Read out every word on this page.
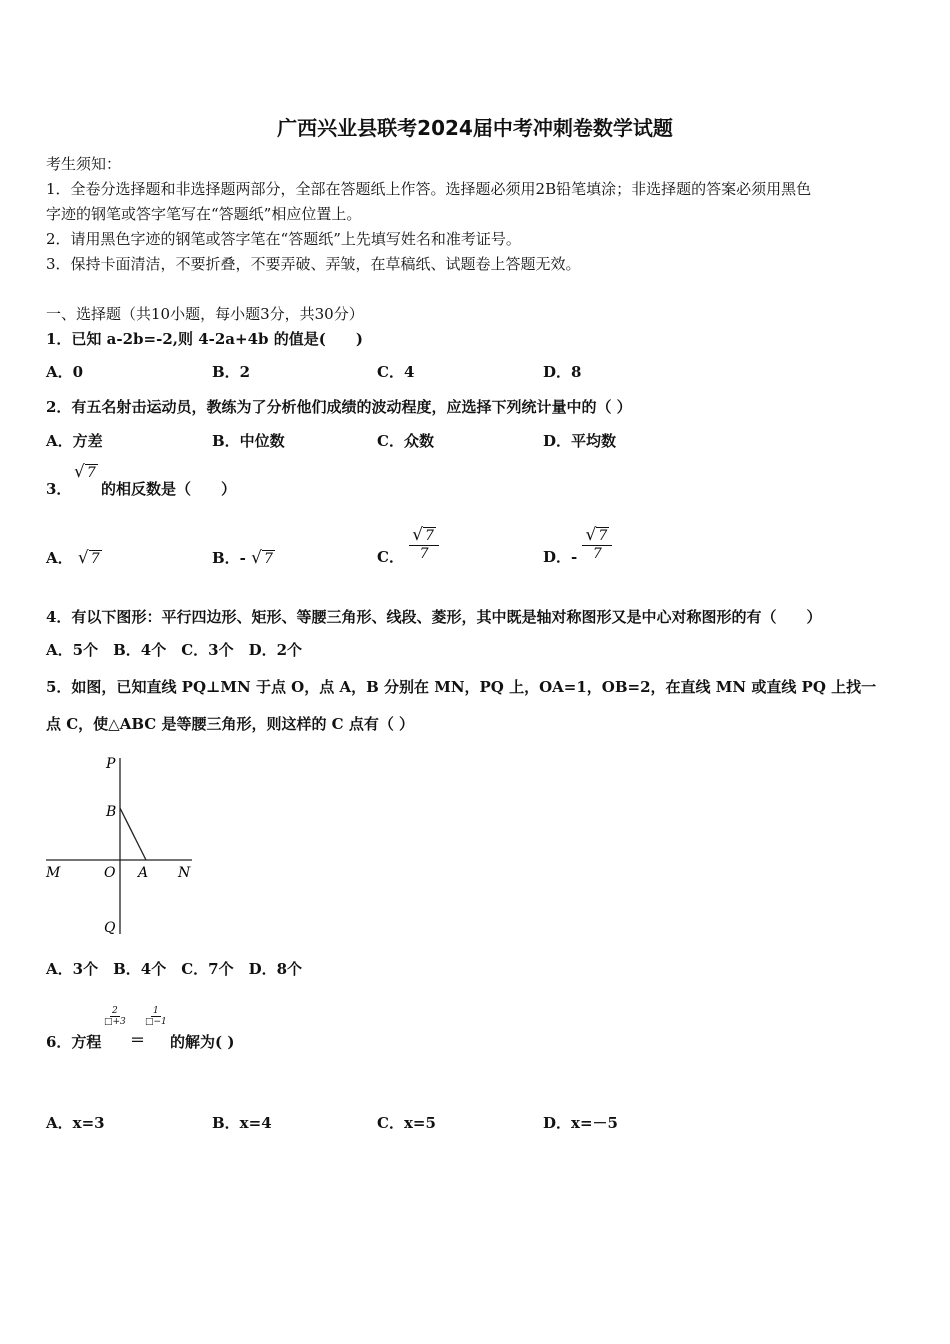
广西兴业县联考2024届中考冲刺卷数学试题
考生须知：
1．全卷分选择题和非选择题两部分，全部在答题纸上作答。选择题必须用2B铅笔填涂；非选择题的答案必须用黑色
字迹的钢笔或答字笔写在“答题纸”相应位置上。
2．请用黑色字迹的钢笔或答字笔在“答题纸”上先填写姓名和准考证号。
3．保持卡面清洁，不要折叠，不要弄破、弄皱，在草稿纸、试题卷上答题无效。
一、选择题（共10小题，每小题3分，共30分）
1．已知 a-2b=-2,则 4-2a+4b 的值是(　　)
A．0	B．2	C．4	D．8
2．有五名射击运动员，教练为了分析他们成绩的波动程度，应选择下列统计量中的（ ）
A．方差	B．中位数	C．众数	D．平均数
3．
√ 7
的相反数是（　　）
A． √ 7	B．- √ 7	C． $\frac{√ 7}{7}$	D．- $\frac{√ 7}{7}$
4．有以下图形：平行四边形、矩形、等腰三角形、线段、菱形，其中既是轴对称图形又是中心对称图形的有（　　）
A．5个　B．4个　C．3个　D．2个
5．如图，已知直线 PQ⊥MN 于点 O，点 A，B 分别在 MN，PQ 上，OA=1，OB=2，在直线 MN 或直线 PQ 上找一
点 C，使△ABC 是等腰三角形，则这样的 C 点有（ ）
P
B
M	O A N
Q
A．3个　B．4个　C．7个　D．8个
6．方程
$\frac{2}{□+3}$
＝
$\frac{1}{□-1}$
的解为( )
A．x=3	B．x=4	C．x=5	D．x=－5
